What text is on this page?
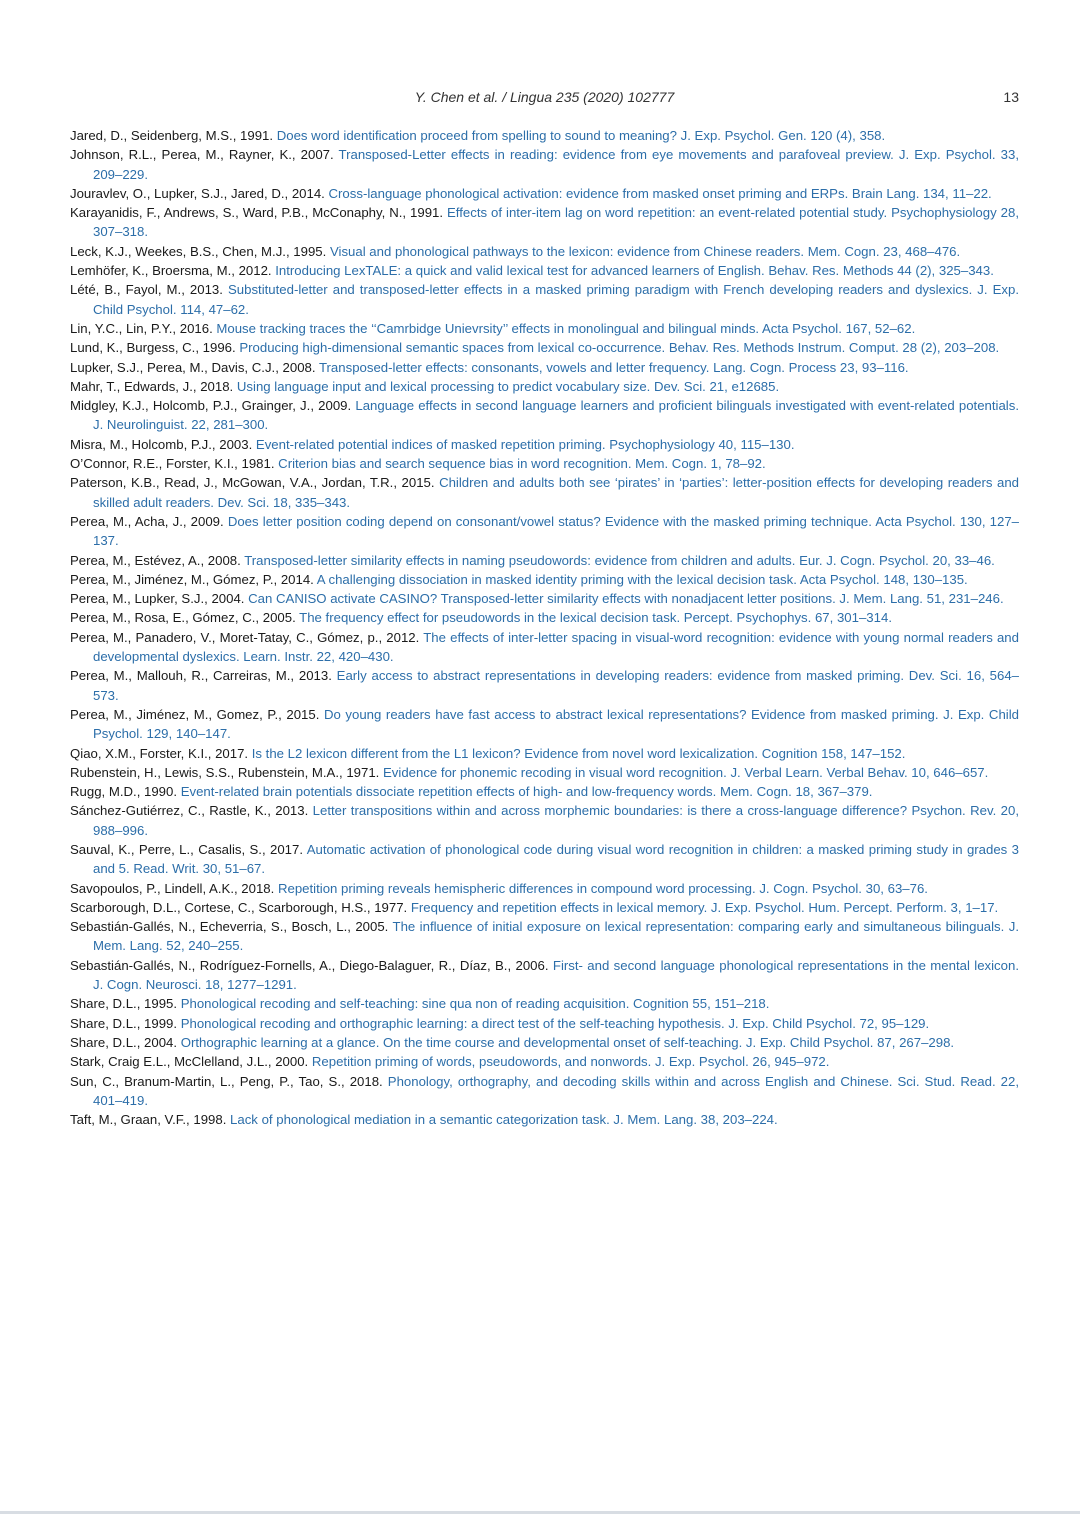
Y. Chen et al. / Lingua 235 (2020) 102777	13
Jared, D., Seidenberg, M.S., 1991. Does word identification proceed from spelling to sound to meaning? J. Exp. Psychol. Gen. 120 (4), 358.
Johnson, R.L., Perea, M., Rayner, K., 2007. Transposed-Letter effects in reading: evidence from eye movements and parafoveal preview. J. Exp. Psychol. 33, 209–229.
Jouravlev, O., Lupker, S.J., Jared, D., 2014. Cross-language phonological activation: evidence from masked onset priming and ERPs. Brain Lang. 134, 11–22.
Karayanidis, F., Andrews, S., Ward, P.B., McConaphy, N., 1991. Effects of inter-item lag on word repetition: an event-related potential study. Psychophysiology 28, 307–318.
Leck, K.J., Weekes, B.S., Chen, M.J., 1995. Visual and phonological pathways to the lexicon: evidence from Chinese readers. Mem. Cogn. 23, 468–476.
Lemhöfer, K., Broersma, M., 2012. Introducing LexTALE: a quick and valid lexical test for advanced learners of English. Behav. Res. Methods 44 (2), 325–343.
Lété, B., Fayol, M., 2013. Substituted-letter and transposed-letter effects in a masked priming paradigm with French developing readers and dyslexics. J. Exp. Child Psychol. 114, 47–62.
Lin, Y.C., Lin, P.Y., 2016. Mouse tracking traces the ‘‘Camrbidge Unievrsity’’ effects in monolingual and bilingual minds. Acta Psychol. 167, 52–62.
Lund, K., Burgess, C., 1996. Producing high-dimensional semantic spaces from lexical co-occurrence. Behav. Res. Methods Instrum. Comput. 28 (2), 203–208.
Lupker, S.J., Perea, M., Davis, C.J., 2008. Transposed-letter effects: consonants, vowels and letter frequency. Lang. Cogn. Process 23, 93–116.
Mahr, T., Edwards, J., 2018. Using language input and lexical processing to predict vocabulary size. Dev. Sci. 21, e12685.
Midgley, K.J., Holcomb, P.J., Grainger, J., 2009. Language effects in second language learners and proficient bilinguals investigated with event-related potentials. J. Neurolinguist. 22, 281–300.
Misra, M., Holcomb, P.J., 2003. Event-related potential indices of masked repetition priming. Psychophysiology 40, 115–130.
O’Connor, R.E., Forster, K.I., 1981. Criterion bias and search sequence bias in word recognition. Mem. Cogn. 1, 78–92.
Paterson, K.B., Read, J., McGowan, V.A., Jordan, T.R., 2015. Children and adults both see ‘pirates’ in ‘parties’: letter-position effects for developing readers and skilled adult readers. Dev. Sci. 18, 335–343.
Perea, M., Acha, J., 2009. Does letter position coding depend on consonant/vowel status? Evidence with the masked priming technique. Acta Psychol. 130, 127–137.
Perea, M., Estévez, A., 2008. Transposed-letter similarity effects in naming pseudowords: evidence from children and adults. Eur. J. Cogn. Psychol. 20, 33–46.
Perea, M., Jiménez, M., Gómez, P., 2014. A challenging dissociation in masked identity priming with the lexical decision task. Acta Psychol. 148, 130–135.
Perea, M., Lupker, S.J., 2004. Can CANISO activate CASINO? Transposed-letter similarity effects with nonadjacent letter positions. J. Mem. Lang. 51, 231–246.
Perea, M., Rosa, E., Gómez, C., 2005. The frequency effect for pseudowords in the lexical decision task. Percept. Psychophys. 67, 301–314.
Perea, M., Panadero, V., Moret-Tatay, C., Gómez, p., 2012. The effects of inter-letter spacing in visual-word recognition: evidence with young normal readers and developmental dyslexics. Learn. Instr. 22, 420–430.
Perea, M., Mallouh, R., Carreiras, M., 2013. Early access to abstract representations in developing readers: evidence from masked priming. Dev. Sci. 16, 564–573.
Perea, M., Jiménez, M., Gomez, P., 2015. Do young readers have fast access to abstract lexical representations? Evidence from masked priming. J. Exp. Child Psychol. 129, 140–147.
Qiao, X.M., Forster, K.I., 2017. Is the L2 lexicon different from the L1 lexicon? Evidence from novel word lexicalization. Cognition 158, 147–152.
Rubenstein, H., Lewis, S.S., Rubenstein, M.A., 1971. Evidence for phonemic recoding in visual word recognition. J. Verbal Learn. Verbal Behav. 10, 646–657.
Rugg, M.D., 1990. Event-related brain potentials dissociate repetition effects of high- and low-frequency words. Mem. Cogn. 18, 367–379.
Sánchez-Gutiérrez, C., Rastle, K., 2013. Letter transpositions within and across morphemic boundaries: is there a cross-language difference? Psychon. Rev. 20, 988–996.
Sauval, K., Perre, L., Casalis, S., 2017. Automatic activation of phonological code during visual word recognition in children: a masked priming study in grades 3 and 5. Read. Writ. 30, 51–67.
Savopoulos, P., Lindell, A.K., 2018. Repetition priming reveals hemispheric differences in compound word processing. J. Cogn. Psychol. 30, 63–76.
Scarborough, D.L., Cortese, C., Scarborough, H.S., 1977. Frequency and repetition effects in lexical memory. J. Exp. Psychol. Hum. Percept. Perform. 3, 1–17.
Sebastián-Gallés, N., Echeverria, S., Bosch, L., 2005. The influence of initial exposure on lexical representation: comparing early and simultaneous bilinguals. J. Mem. Lang. 52, 240–255.
Sebastián-Gallés, N., Rodríguez-Fornells, A., Diego-Balaguer, R., Díaz, B., 2006. First- and second language phonological representations in the mental lexicon. J. Cogn. Neurosci. 18, 1277–1291.
Share, D.L., 1995. Phonological recoding and self-teaching: sine qua non of reading acquisition. Cognition 55, 151–218.
Share, D.L., 1999. Phonological recoding and orthographic learning: a direct test of the self-teaching hypothesis. J. Exp. Child Psychol. 72, 95–129.
Share, D.L., 2004. Orthographic learning at a glance. On the time course and developmental onset of self-teaching. J. Exp. Child Psychol. 87, 267–298.
Stark, Craig E.L., McClelland, J.L., 2000. Repetition priming of words, pseudowords, and nonwords. J. Exp. Psychol. 26, 945–972.
Sun, C., Branum-Martin, L., Peng, P., Tao, S., 2018. Phonology, orthography, and decoding skills within and across English and Chinese. Sci. Stud. Read. 22, 401–419.
Taft, M., Graan, V.F., 1998. Lack of phonological mediation in a semantic categorization task. J. Mem. Lang. 38, 203–224.
